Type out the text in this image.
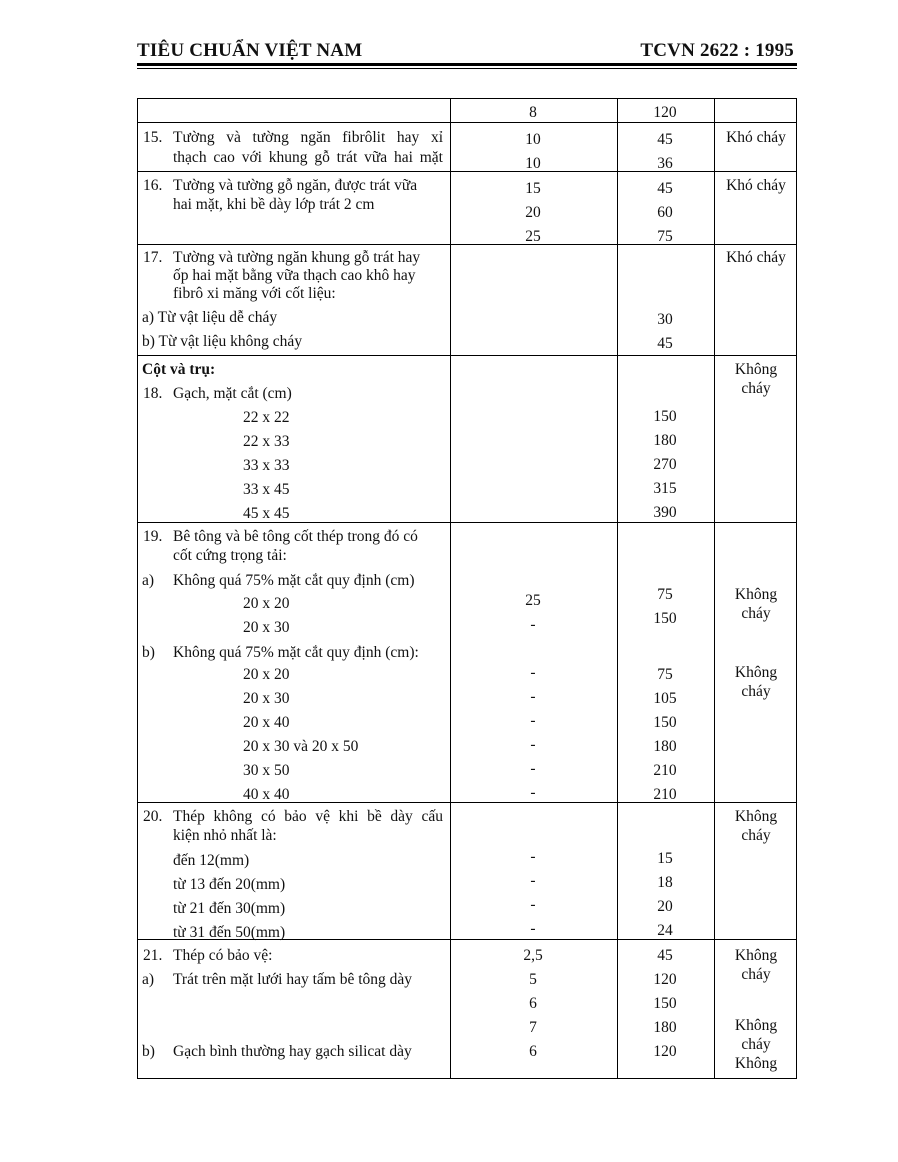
TIÊU CHUẨN VIỆT NAM	TCVN 2622 : 1995
8	120
15. Tường và tường ngăn fibrôlit hay xỉ
thạch cao với khung gỗ trát vữa hai mặt
10
10
45
36
Khó cháy
16. Tường và tường gỗ ngăn, được trát vữa
hai mặt, khi bề dày lớp trát 2 cm
15
20
25
45
60
75
Khó cháy
17. Tường và tường ngăn khung gỗ trát hay
ốp hai mặt bằng vữa thạch cao khô hay
fibrô xi măng với cốt liệu:
a) Từ vật liệu dễ cháy
b) Từ vật liệu không cháy
30
45
Khó cháy
Cột và trụ:
18. Gạch, mặt cắt (cm)
22 x 22
22 x 33
33 x 33
33 x 45
45 x 45
150
180
270
315
390
Không
cháy
19. Bê tông và bê tông cốt thép trong đó có
cốt cứng trọng tải:
a) Không quá 75% mặt cắt quy định (cm)
20 x 20
20 x 30
25
-
75
150
Không
cháy
b) Không quá 75% mặt cắt quy định (cm):
20 x 20
20 x 30
20 x 40
20 x 30 và 20 x 50
30 x 50
40 x 40
-
-
-
-
-
-
75
105
150
180
210
210
Không
cháy
20. Thép không có bảo vệ khi bề dày cấu
kiện nhỏ nhất là:
đến 12(mm)
từ 13 đến 20(mm)
từ 21 đến 30(mm)
từ 31 đến 50(mm)
-
-
-
-
15
18
20
24
Không
cháy
21. Thép có bảo vệ:
a) Trát trên mặt lưới hay tấm bê tông dày
b) Gạch bình thường hay gạch silicat dày
2,5
5
6
7
6
45
120
150
180
120
Không
cháy
Không
cháy
Không
